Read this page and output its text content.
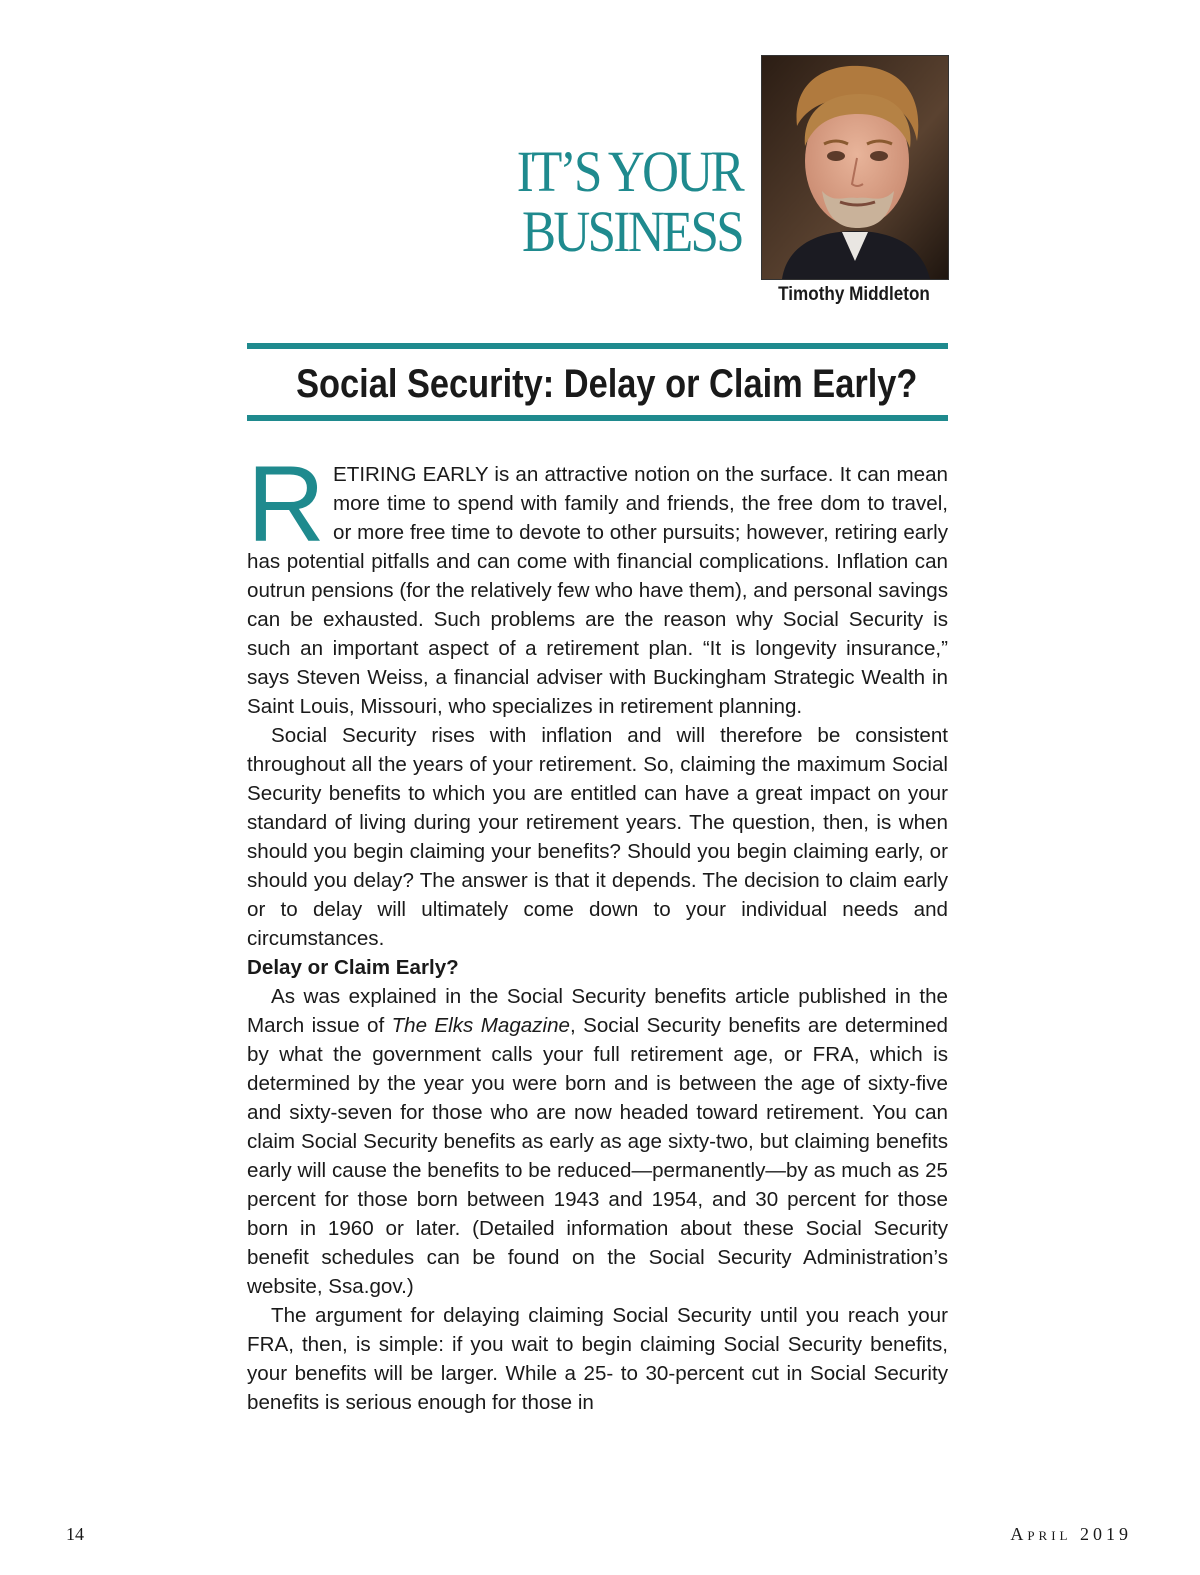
IT’S YOUR
BUSINESS
Timothy Middleton
Social Security: Delay or Claim Early?

RETIRING EARLY is an attractive notion on the surface. It can mean more time to spend with family and friends, the free dom to travel, or more free time to devote to other pursuits; however, retiring early has potential pitfalls and can come with financial complications. Inflation can outrun pensions (for the relatively few who have them), and personal savings can be exhausted. Such problems are the reason why Social Security is such an important aspect of a retirement plan. “It is longevity insurance,” says Steven Weiss, a financial adviser with Buckingham Strategic Wealth in Saint Louis, Missouri, who specializes in retirement planning.

Social Security rises with inflation and will therefore be consistent throughout all the years of your retirement. So, claiming the maximum Social Security benefits to which you are entitled can have a great impact on your standard of living during your retirement years. The question, then, is when should you begin claiming your benefits? Should you begin claiming early, or should you delay? The answer is that it depends. The decision to claim early or to delay will ultimately come down to your individual needs and circumstances.

Delay or Claim Early?

As was explained in the Social Security benefits article published in the March issue of The Elks Magazine, Social Security benefits are determined by what the government calls your full retirement age, or FRA, which is determined by the year you were born and is between the age of sixty-five and sixty-seven for those who are now headed toward retirement. You can claim Social Security benefits as early as age sixty-two, but claiming benefits early will cause the benefits to be reduced—permanently—by as much as 25 percent for those born between 1943 and 1954, and 30 percent for those born in 1960 or later. (Detailed information about these Social Security benefit schedules can be found on the Social Security Administration’s website, Ssa.gov.)

The argument for delaying claiming Social Security until you reach your FRA, then, is simple: if you wait to begin claiming Social Security benefits, your benefits will be larger. While a 25- to 30-percent cut in Social Security benefits is serious enough for those in

14	April 2019
